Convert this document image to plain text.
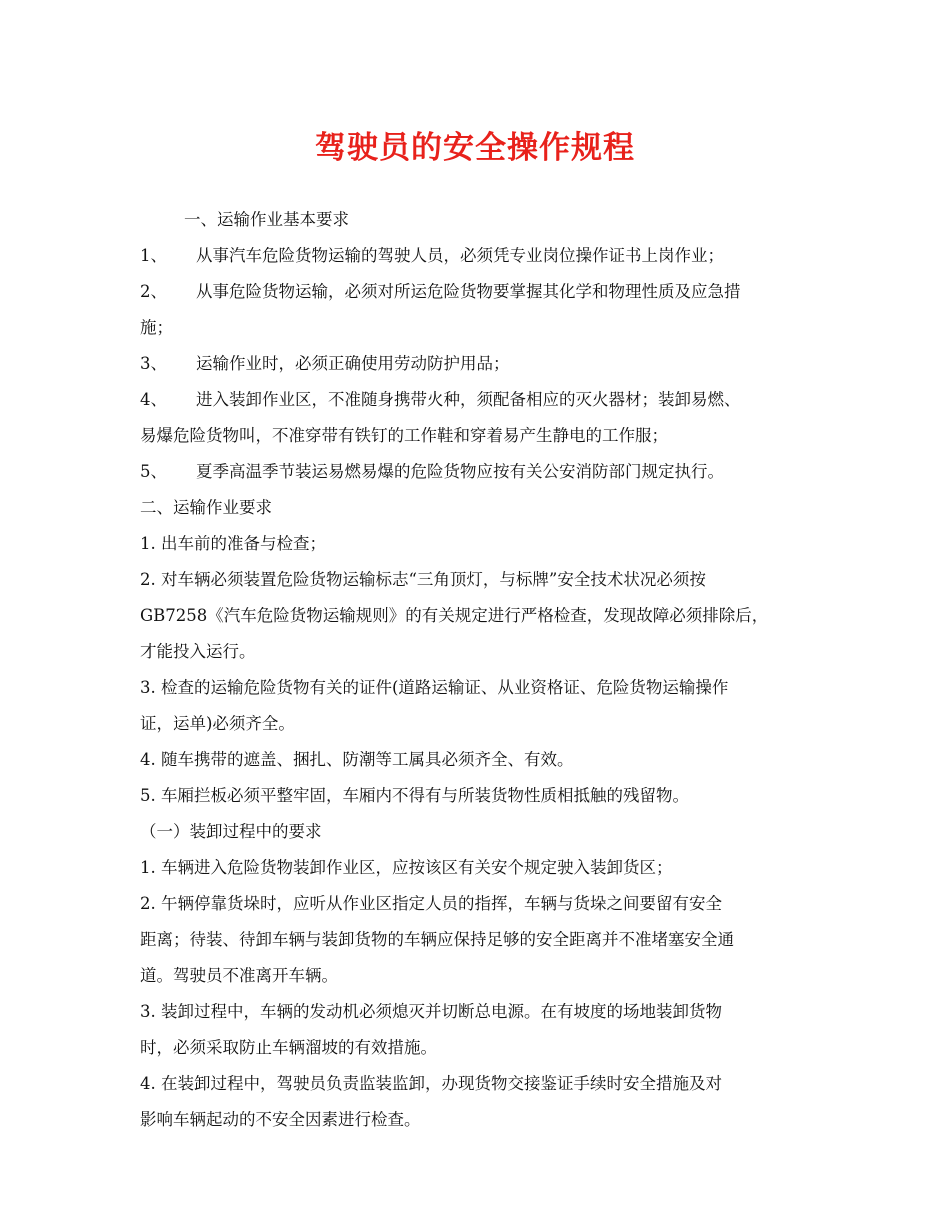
驾驶员的安全操作规程

一、运输作业基本要求

1、 从事汽车危险货物运输的驾驶人员，必须凭专业岗位操作证书上岗作业；

2、 从事危险货物运输，必须对所运危险货物要掌握其化学和物理性质及应急措

施；

3、 运输作业时，必须正确使用劳动防护用品；

4、 进入装卸作业区，不准随身携带火种，须配备相应的灭火器材；装卸易燃、

易爆危险货物叫，不准穿带有铁钉的工作鞋和穿着易产生静电的工作服；

5、 夏季高温季节装运易燃易爆的危险货物应按有关公安消防部门规定执行。

二、运输作业要求

1. 出车前的准备与检查；

2. 对车辆必须装置危险货物运输标志“三角顶灯，与标牌”安全技术状况必须按

GB7258《汽车危险货物运输规则》的有关规定进行严格检查，发现故障必须排除后，

才能投入运行。

3. 检查的运输危险货物有关的证件(道路运输证、从业资格证、危险货物运输操作

证，运单)必须齐全。

4. 随车携带的遮盖、捆扎、防潮等工属具必须齐全、有效。

5. 车厢拦板必须平整牢固，车厢内不得有与所装货物性质相抵触的残留物。

（一）装卸过程中的要求

1. 车辆进入危险货物装卸作业区，应按该区有关安个规定驶入装卸货区；

2. 午辆停靠货垛时，应听从作业区指定人员的指挥，车辆与货垛之间要留有安全

距离；待装、待卸车辆与装卸货物的车辆应保持足够的安全距离并不准堵塞安全通

道。驾驶员不准离开车辆。

3. 装卸过程中，车辆的发动机必须熄灭并切断总电源。在有坡度的场地装卸货物

时，必须采取防止车辆溜坡的有效措施。

4. 在装卸过程中，驾驶员负责监装监卸，办现货物交接鉴证手续时安全措施及对

影响车辆起动的不安全因素进行检查。
